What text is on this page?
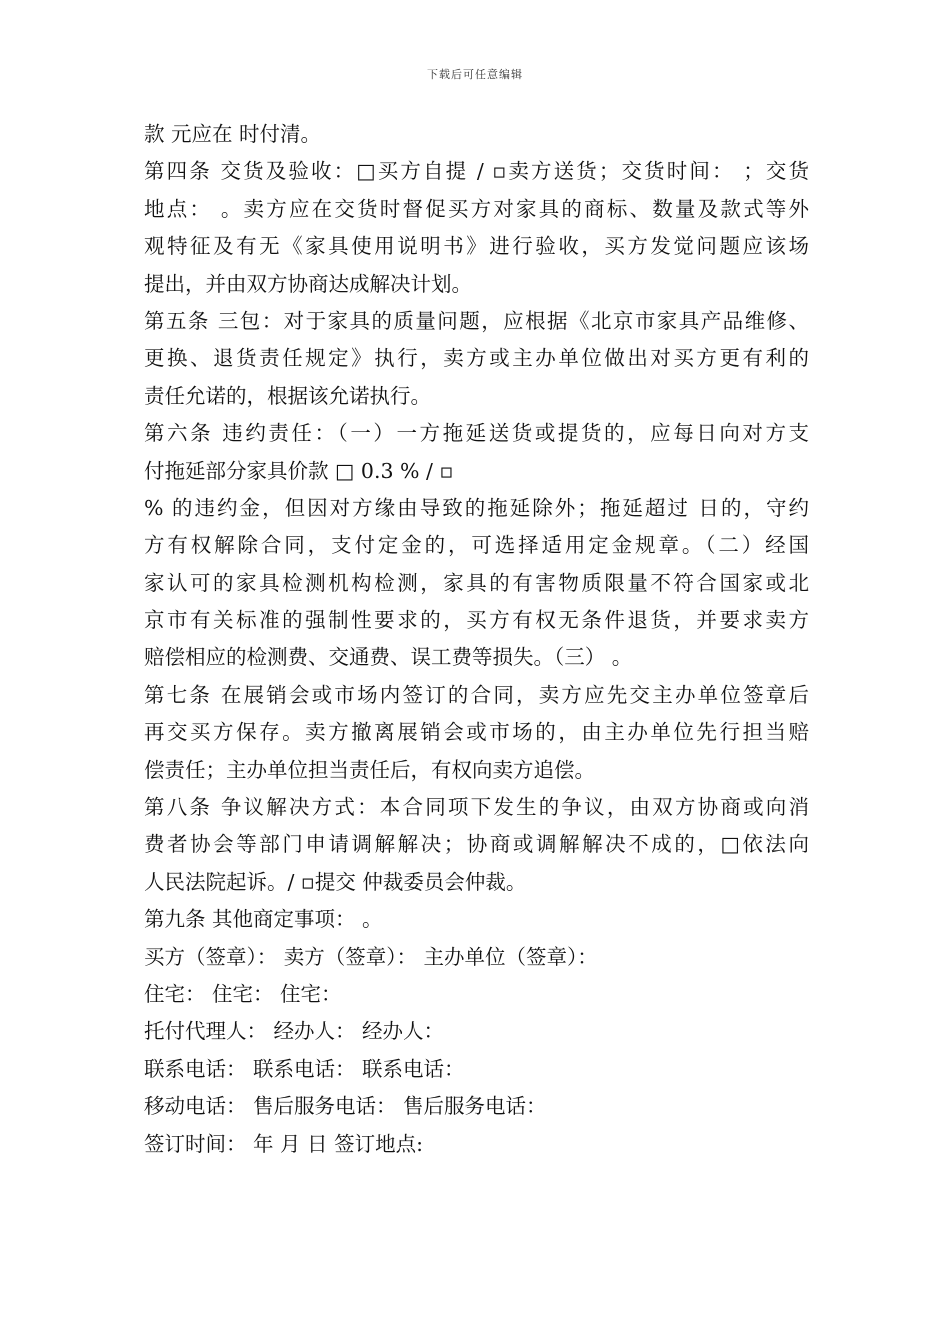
下载后可任意编辑
款 元应在 时付清。
第四条 交货及验收：□买方自提 / ▫卖方送货；交货时间： ；交货
地点： 。卖方应在交货时督促买方对家具的商标、数量及款式等外
观特征及有无《家具使用说明书》进行验收，买方发觉问题应该场
提出，并由双方协商达成解决计划。
第五条 三包：对于家具的质量问题，应根据《北京市家具产品维修、
更换、退货责任规定》执行，卖方或主办单位做出对买方更有利的
责任允诺的，根据该允诺执行。
第六条 违约责任：（一）一方拖延送货或提货的，应每日向对方支
付拖延部分家具价款 □ 0.3 % / ▫
% 的违约金，但因对方缘由导致的拖延除外；拖延超过 日的，守约
方有权解除合同，支付定金的，可选择适用定金规章。（二）经国
家认可的家具检测机构检测，家具的有害物质限量不符合国家或北
京市有关标准的强制性要求的，买方有权无条件退货，并要求卖方
赔偿相应的检测费、交通费、误工费等损失。（三） 。
第七条 在展销会或市场内签订的合同，卖方应先交主办单位签章后
再交买方保存。卖方撤离展销会或市场的，由主办单位先行担当赔
偿责任；主办单位担当责任后，有权向卖方追偿。
第八条 争议解决方式：本合同项下发生的争议，由双方协商或向消
费者协会等部门申请调解解决；协商或调解解决不成的，□依法向
人民法院起诉。/ ▫提交 仲裁委员会仲裁。
第九条 其他商定事项： 。
买方（签章）： 卖方（签章）： 主办单位（签章）：
住宅： 住宅： 住宅：
托付代理人： 经办人： 经办人：
联系电话： 联系电话： 联系电话：
移动电话： 售后服务电话： 售后服务电话：
签订时间： 年 月 日 签订地点:
